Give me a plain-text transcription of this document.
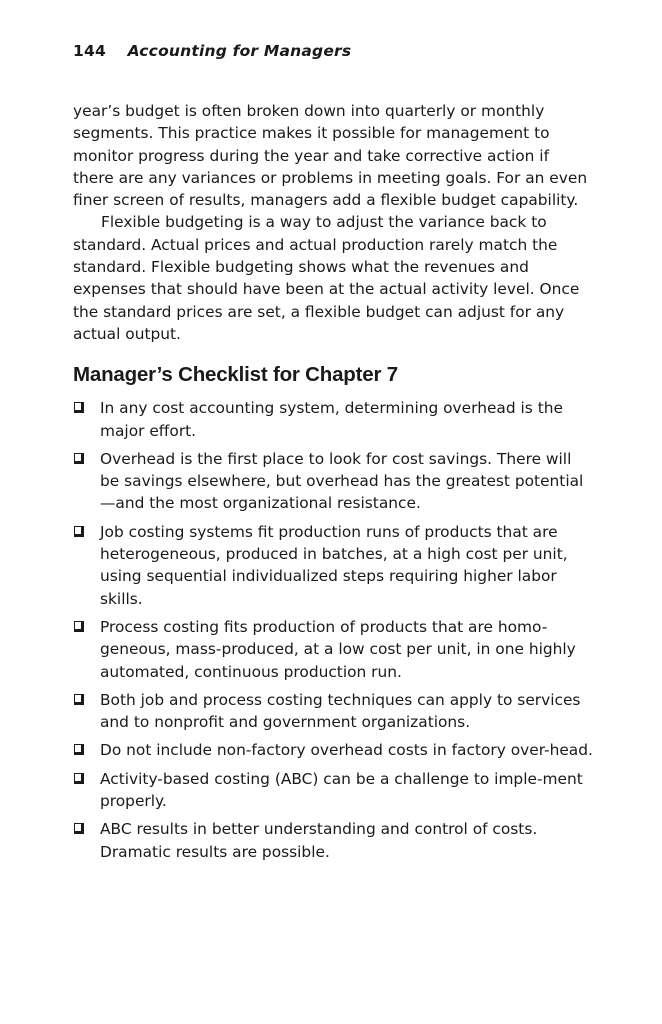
144 Accounting for Managers

year’s budget is often broken down into quarterly or monthly segments. This practice makes it possible for management to monitor progress during the year and take corrective action if there are any variances or problems in meeting goals. For an even finer screen of results, managers add a flexible budget capability.

Flexible budgeting is a way to adjust the variance back to standard. Actual prices and actual production rarely match the standard. Flexible budgeting shows what the revenues and expenses that should have been at the actual activity level. Once the standard prices are set, a flexible budget can adjust for any actual output.

Manager’s Checklist for Chapter 7
In any cost accounting system, determining overhead is the major effort.
Overhead is the first place to look for cost savings. There will be savings elsewhere, but overhead has the greatest potential—and the most organizational resistance.
Job costing systems fit production runs of products that are heterogeneous, produced in batches, at a high cost per unit, using sequential individualized steps requiring higher labor skills.
Process costing fits production of products that are homo-geneous, mass-produced, at a low cost per unit, in one highly automated, continuous production run.
Both job and process costing techniques can apply to services and to nonprofit and government organizations.
Do not include non-factory overhead costs in factory over-head.
Activity-based costing (ABC) can be a challenge to imple-ment properly.
ABC results in better understanding and control of costs. Dramatic results are possible.
